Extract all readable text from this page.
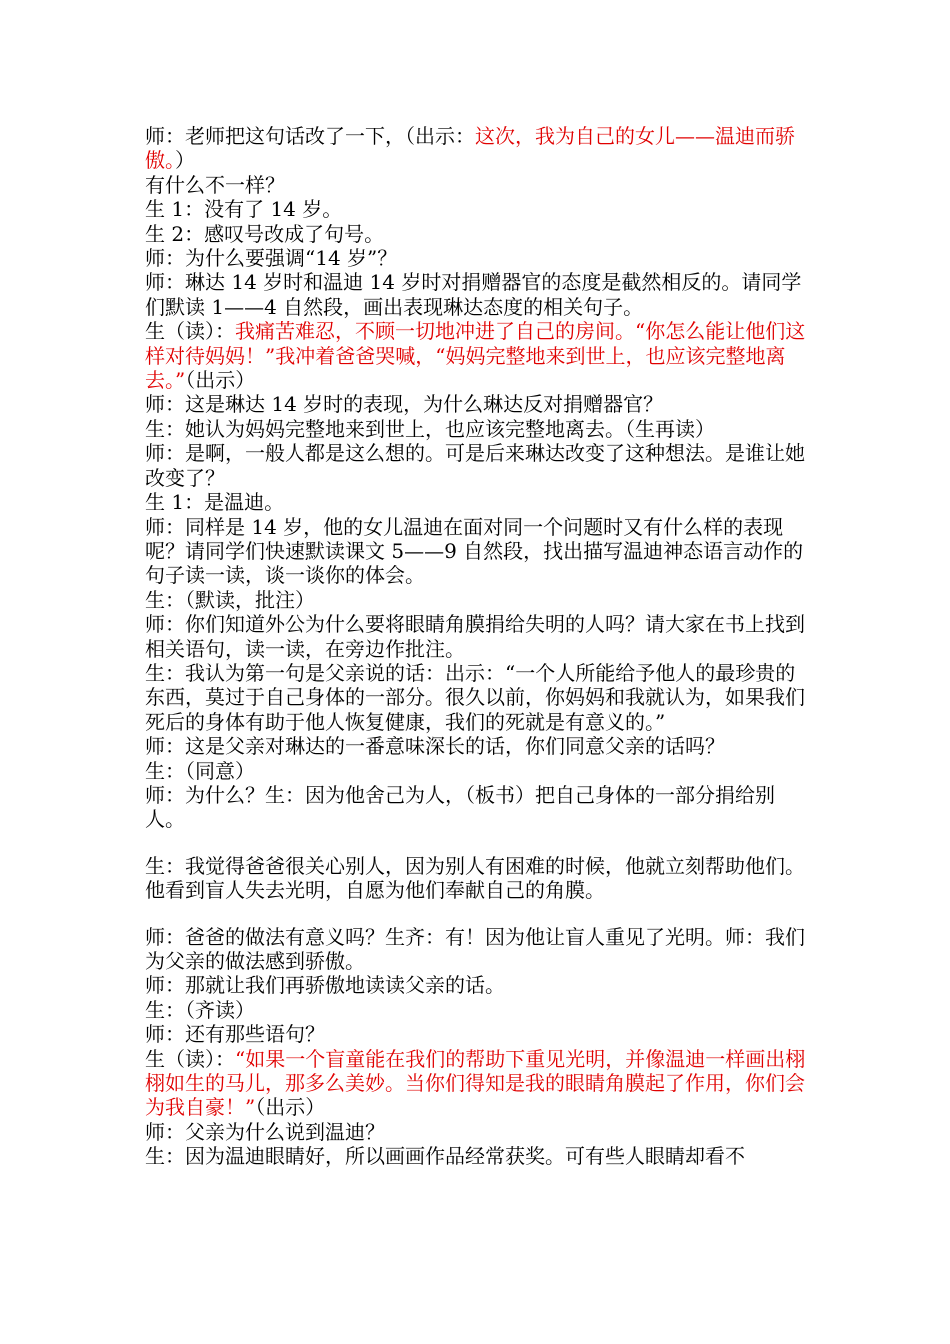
师：老师把这句话改了一下，（出示：这次，我为自己的女儿——温迪而骄傲。）
有什么不一样？
生 1：没有了 14 岁。
生 2：感叹号改成了句号。
师：为什么要强调“14 岁”？
师：琳达 14 岁时和温迪 14 岁时对捐赠器官的态度是截然相反的。请同学们默读 1——4 自然段，画出表现琳达态度的相关句子。
生（读）：我痛苦难忍，不顾一切地冲进了自己的房间。“你怎么能让他们这样对待妈妈！”我冲着爸爸哭喊，“妈妈完整地来到世上，也应该完整地离去。”（出示）
师：这是琳达 14 岁时的表现，为什么琳达反对捐赠器官？
生：她认为妈妈完整地来到世上，也应该完整地离去。（生再读）
师：是啊，一般人都是这么想的。可是后来琳达改变了这种想法。是谁让她改变了？
生 1：是温迪。
师：同样是 14 岁，他的女儿温迪在面对同一个问题时又有什么样的表现呢？请同学们快速默读课文 5——9 自然段，找出描写温迪神态语言动作的句子读一读，谈一谈你的体会。
生：（默读，批注）
师：你们知道外公为什么要将眼睛角膜捐给失明的人吗？请大家在书上找到相关语句，读一读，在旁边作批注。
生：我认为第一句是父亲说的话：出示：“一个人所能给予他人的最珍贵的东西，莫过于自己身体的一部分。很久以前，你妈妈和我就认为，如果我们死后的身体有助于他人恢复健康，我们的死就是有意义的。”
师：这是父亲对琳达的一番意味深长的话，你们同意父亲的话吗？
生：（同意）
师：为什么？生：因为他舍己为人，（板书）把自己身体的一部分捐给别人。
生：我觉得爸爸很关心别人，因为别人有困难的时候，他就立刻帮助他们。他看到盲人失去光明，自愿为他们奉献自己的角膜。
师：爸爸的做法有意义吗？生齐：有！因为他让盲人重见了光明。师：我们为父亲的做法感到骄傲。
师：那就让我们再骄傲地读读父亲的话。
生：（齐读）
师：还有那些语句？
生（读）：“如果一个盲童能在我们的帮助下重见光明，并像温迪一样画出栩栩如生的马儿，那多么美妙。当你们得知是我的眼睛角膜起了作用，你们会为我自豪！”（出示）
师：父亲为什么说到温迪？
生：因为温迪眼睛好，所以画画作品经常获奖。可有些人眼睛却看不
